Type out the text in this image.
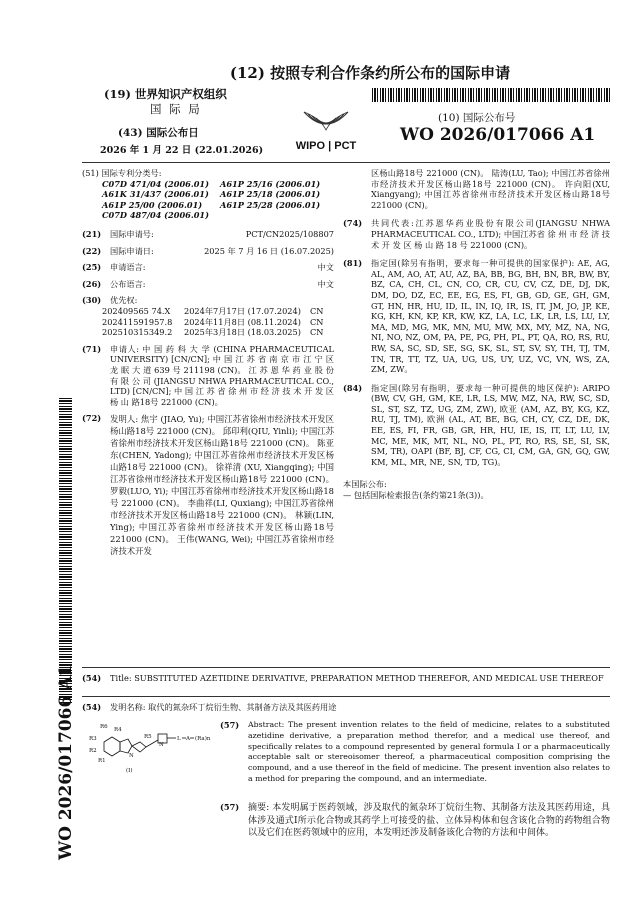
(12) 按照专利合作条约所公布的国际申请
(19) 世界知识产权组织
国 际 局
(43) 国际公布日
2026 年 1 月 22 日 (22.01.2026)	WIPO | PCT
(10) 国际公布号
WO 2026/017066 A1
WO 2026/017066 A1
(51) 国际专利分类号:
C07D 471/04 (2006.01)	A61P 25/16 (2006.01)
A61K 31/437 (2006.01)	A61P 25/18 (2006.01)
A61P 25/00 (2006.01)	A61P 25/28 (2006.01)
C07D 487/04 (2006.01)
(21)	国际申请号:	PCT/CN2025/108807
(22)	国际申请日:	2025 年 7 月 16 日 (16.07.2025)
(25)	申请语言:	中文
(26)	公布语言:	中文
(30) 优先权:
202409565 74.X	2024年7月17日 (17.07.2024)	CN
202411591957.8	2024年11月8日 (08.11.2024)	CN
202510315349.2	2025年3月18日 (18.03.2025)	CN
(71)	申请人: 中 国 药 科 大 学 (CHINA PHARMACEUTICAL UNIVERSITY) [CN/CN]; 中 国 江 苏 省 南 京 市 江 宁 区 龙 眠 大 道 639 号 211198 (CN)。 江 苏 恩 华 药 业 股 份 有 限 公 司 (JIANGSU NHWA PHARMACEUTICAL CO., LTD) [CN/CN]; 中 国 江 苏 省 徐 州 市 经 济 技 术 开 发 区 杨 山 路18号 221000 (CN)。
(72)	发明人: 焦宇 (JIAO, Yu); 中国江苏省徐州市经济技术开发区杨山路18号 221000 (CN)。 邱印利(QIU, Yinli); 中国江苏省徐州市经济技术开发区杨山路18号 221000 (CN)。 陈亚东(CHEN, Yadong); 中国江苏省徐州市经济技术开发区杨山路18号 221000 (CN)。 徐祥清 (XU, Xiangqing); 中国江苏省徐州市经济技术开发区杨山路18号 221000 (CN)。 罗毅(LUO, Yi); 中国江苏省徐州市经济技术开发区杨山路18号 221000 (CN)。 李曲祥(LI, Quxiang); 中国江苏省徐州市经济技术开发区杨山路18号 221000 (CN)。 林颖(LIN, Ying); 中国江苏省徐州市经济技术开发区杨山路18号 221000 (CN)。 王伟(WANG, Wei); 中国江苏省徐州市经济技术开发
区杨山路18号 221000 (CN)。 陆涛(LU, Tao); 中国江苏省徐州市经济技术开发区杨山路18号 221000 (CN)。 许向阳(XU, Xiangyang); 中国江苏省徐州市经济技术开发区杨山路18号 221000 (CN)。
(74)	共同代表:江苏恩华药业股份有限公司(JIANGSU NHWA PHARMACEUTICAL CO., LTD); 中国江苏省 徐 州 市 经 济 技 术 开 发 区 杨 山 路 18 号 221000 (CN)。
(81)	指定国(除另有指明，要求每一种可提供的国家保护): AE, AG, AL, AM, AO, AT, AU, AZ, BA, BB, BG, BH, BN, BR, BW, BY, BZ, CA, CH, CL, CN, CO, CR, CU, CV, CZ, DE, DJ, DK, DM, DO, DZ, EC, EE, EG, ES, FI, GB, GD, GE, GH, GM, GT, HN, HR, HU, ID, IL, IN, IQ, IR, IS, IT, JM, JO, JP, KE, KG, KH, KN, KP, KR, KW, KZ, LA, LC, LK, LR, LS, LU, LY, MA, MD, MG, MK, MN, MU, MW, MX, MY, MZ, NA, NG, NI, NO, NZ, OM, PA, PE, PG, PH, PL, PT, QA, RO, RS, RU, RW, SA, SC, SD, SE, SG, SK, SL, ST, SV, SY, TH, TJ, TM, TN, TR, TT, TZ, UA, UG, US, UY, UZ, VC, VN, WS, ZA, ZM, ZW。
(84)	指定国(除另有指明，要求每一种可提供的地区保护): ARIPO (BW, CV, GH, GM, KE, LR, LS, MW, MZ, NA, RW, SC, SD, SL, ST, SZ, TZ, UG, ZM, ZW), 欧亚 (AM, AZ, BY, KG, KZ, RU, TJ, TM), 欧洲 (AL, AT, BE, BG, CH, CY, CZ, DE, DK, EE, ES, FI, FR, GB, GR, HR, HU, IE, IS, IT, LT, LU, LV, MC, ME, MK, MT, NL, NO, PL, PT, RO, RS, SE, SI, SK, SM, TR), OAPI (BF, BJ, CF, CG, CI, CM, GA, GN, GQ, GW, KM, ML, MR, NE, SN, TD, TG)。
本国际公布:
— 包括国际检索报告(条约第21条(3))。
(54)	Title: SUBSTITUTED AZETIDINE DERIVATIVE, PREPARATION METHOD THEREFOR, AND MEDICAL USE THEREOF
(54)	发明名称: 取代的氮杂环丁烷衍生物、其制备方法及其医药用途
R6 R4
R3
R2
R1
R5
N
N
L A (Ra)n
(I)
(57)	Abstract: The present invention relates to the field of medicine, relates to a substituted azetidine derivative, a preparation method therefor, and a medical use thereof, and specifically relates to a compound represented by general formula I or a pharmaceutically acceptable salt or stereoisomer thereof, a pharmaceutical composition comprising the compound, and a use thereof in the field of medicine. The present invention also relates to a method for preparing the compound, and an intermediate.
(57) 摘要: 本发明属于医药领域，涉及取代的氮杂环丁烷衍生物、其制备方法及其医药用途，具体涉及通式I所示化合物或其药学上可接受的盐、立体异构体和包含该化合物的药物组合物以及它们在医药领域中的应用，本发明还涉及制备该化合物的方法和中间体。
